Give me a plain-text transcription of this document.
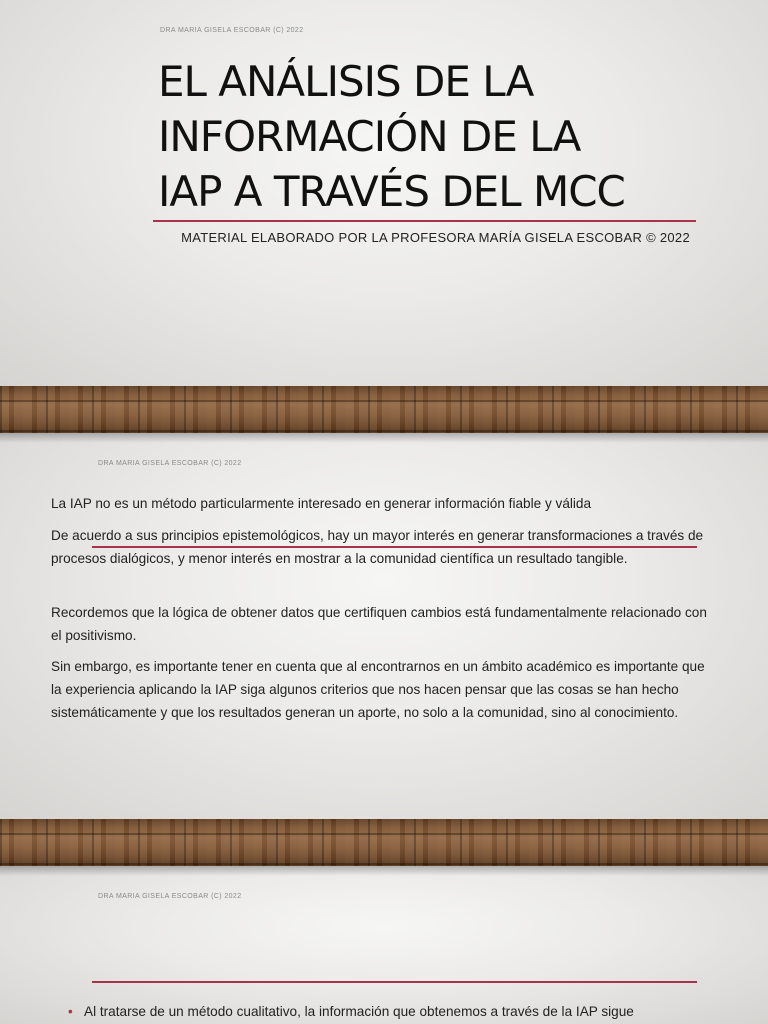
DRA MARIA GISELA ESCOBAR (C) 2022
EL ANÁLISIS DE LA
INFORMACIÓN DE LA
IAP A TRAVÉS DEL MCC
MATERIAL ELABORADO POR LA PROFESORA MARÍA GISELA ESCOBAR © 2022
DRA MARIA GISELA ESCOBAR (C) 2022

La IAP no es un método particularmente interesado en generar información fiable y válida

De acuerdo a sus principios epistemológicos, hay un mayor interés en generar transformaciones a través de procesos dialógicos, y menor interés en mostrar a la comunidad científica un resultado tangible.

Recordemos que la lógica de obtener datos que certifiquen cambios está fundamentalmente relacionado con el positivismo.

Sin embargo, es importante tener en cuenta que al encontrarnos en un ámbito académico es importante que la experiencia aplicando la IAP siga algunos criterios que nos hacen pensar que las cosas se han hecho sistemáticamente y que los resultados generan un aporte, no solo a la comunidad, sino al conocimiento.

DRA MARIA GISELA ESCOBAR (C) 2022
• Al tratarse de un método cualitativo, la información que obtenemos a través de la IAP sigue
